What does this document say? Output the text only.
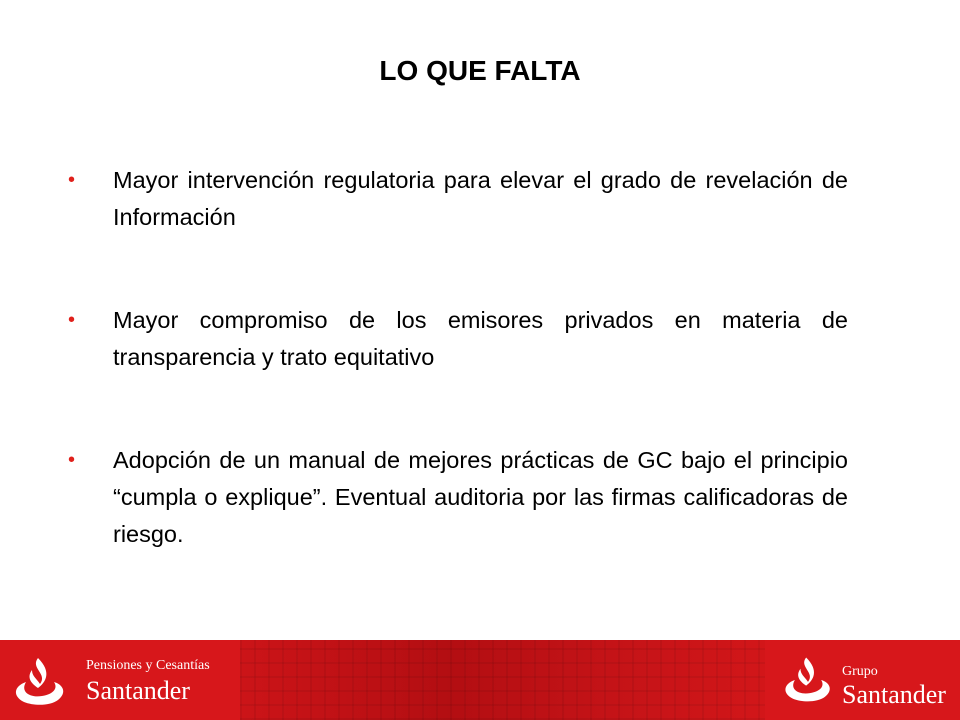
LO QUE FALTA
• Mayor intervención regulatoria para elevar el grado de revelación de Información
• Mayor compromiso de los emisores privados en materia de transparencia y trato equitativo
• Adopción de un manual de mejores prácticas de GC bajo el principio “cumpla o explique”. Eventual auditoria por las firmas calificadoras de riesgo.
Pensiones y Cesantías
Santander
Grupo
Santander
